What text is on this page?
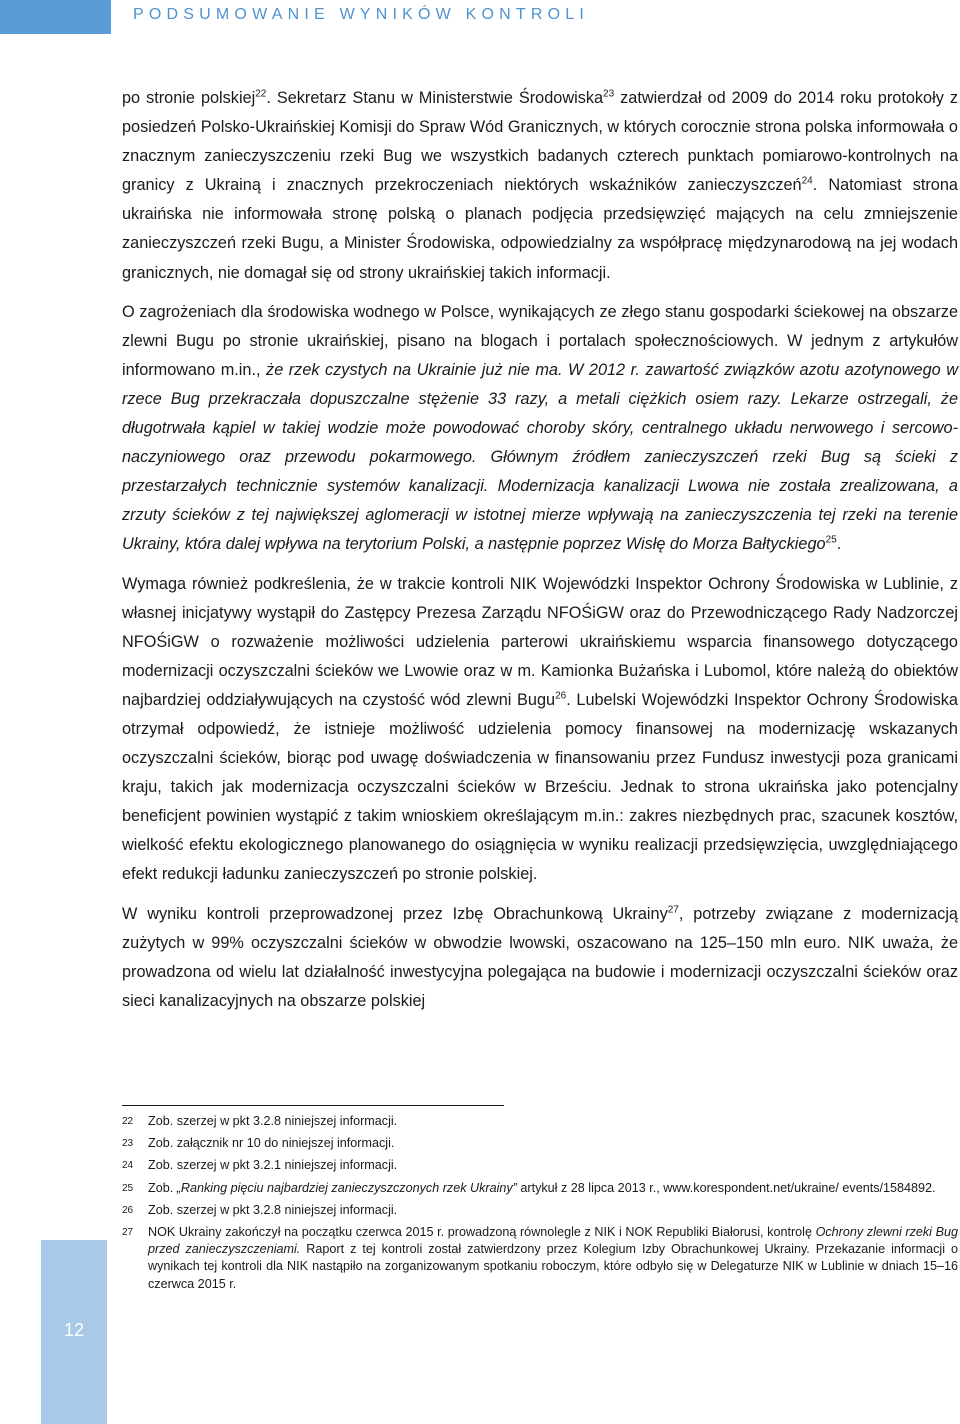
PODSUMOWANIE WYNIKÓW KONTROLI

po stronie polskiej$^{22}$. Sekretarz Stanu w Ministerstwie Środowiska$^{23}$ zatwierdzał od 2009 do 2014 roku protokoły z posiedzeń Polsko-Ukraińskiej Komisji do Spraw Wód Granicznych, w których corocznie strona polska informowała o znacznym zanieczyszczeniu rzeki Bug we wszystkich badanych czterech punktach pomiarowo-kontrolnych na granicy z Ukrainą i znacznych przekroczeniach niektórych wskaźników zanieczyszczeń$^{24}$. Natomiast strona ukraińska nie informowała stronę polską o planach podjęcia przedsięwzięć mających na celu zmniejszenie zanieczyszczeń rzeki Bugu, a Minister Środowiska, odpowiedzialny za współpracę międzynarodową na jej wodach granicznych, nie domagał się od strony ukraińskiej takich informacji.

O zagrożeniach dla środowiska wodnego w Polsce, wynikających ze złego stanu gospodarki ściekowej na obszarze zlewni Bugu po stronie ukraińskiej, pisano na blogach i portalach społecznościowych. W jednym z artykułów informowano m.in., że rzek czystych na Ukrainie już nie ma. W 2012 r. zawartość związków azotu azotynowego w rzece Bug przekraczała dopuszczalne stężenie 33 razy, a metali ciężkich osiem razy. Lekarze ostrzegali, że długotrwała kąpiel w takiej wodzie może powodować choroby skóry, centralnego układu nerwowego i sercowo-naczyniowego oraz przewodu pokarmowego. Głównym źródłem zanieczyszczeń rzeki Bug są ścieki z przestarzałych technicznie systemów kanalizacji. Modernizacja kanalizacji Lwowa nie została zrealizowana, a zrzuty ścieków z tej największej aglomeracji w istotnej mierze wpływają na zanieczyszczenia tej rzeki na terenie Ukrainy, która dalej wpływa na terytorium Polski, a następnie poprzez Wisłę do Morza Bałtyckiego$^{25}$.

Wymaga również podkreślenia, że w trakcie kontroli NIK Wojewódzki Inspektor Ochrony Środowiska w Lublinie, z własnej inicjatywy wystąpił do Zastępcy Prezesa Zarządu NFOŚiGW oraz do Przewodniczącego Rady Nadzorczej NFOŚiGW o rozważenie możliwości udzielenia parterowi ukraińskiemu wsparcia finansowego dotyczącego modernizacji oczyszczalni ścieków we Lwowie oraz w m. Kamionka Bużańska i Lubomol, które należą do obiektów najbardziej oddziaływujących na czystość wód zlewni Bugu$^{26}$. Lubelski Wojewódzki Inspektor Ochrony Środowiska otrzymał odpowiedź, że istnieje możliwość udzielenia pomocy finansowej na modernizację wskazanych oczyszczalni ścieków, biorąc pod uwagę doświadczenia w finansowaniu przez Fundusz inwestycji poza granicami kraju, takich jak modernizacja oczyszczalni ścieków w Brześciu. Jednak to strona ukraińska jako potencjalny beneficjent powinien wystąpić z takim wnioskiem określającym m.in.: zakres niezbędnych prac, szacunek kosztów, wielkość efektu ekologicznego planowanego do osiągnięcia w wyniku realizacji przedsięwzięcia, uwzględniającego efekt redukcji ładunku zanieczyszczeń po stronie polskiej.

W wyniku kontroli przeprowadzonej przez Izbę Obrachunkową Ukrainy$^{27}$, potrzeby związane z modernizacją zużytych w 99% oczyszczalni ścieków w obwodzie lwowski, oszacowano na 125–150 mln euro. NIK uważa, że prowadzona od wielu lat działalność inwestycyjna polegająca na budowie i modernizacji oczyszczalni ścieków oraz sieci kanalizacyjnych na obszarze polskiej

22 Zob. szerzej w pkt 3.2.8 niniejszej informacji.
23 Zob. załącznik nr 10 do niniejszej informacji.
24 Zob. szerzej w pkt 3.2.1 niniejszej informacji.
25 Zob. „Ranking pięciu najbardziej zanieczyszczonych rzek Ukrainy” artykuł z 28 lipca 2013 r., www.korespondent.net/ukraine/ events/1584892.
26 Zob. szerzej w pkt 3.2.8 niniejszej informacji.
27 NOK Ukrainy zakończył na początku czerwca 2015 r. prowadzoną równolegle z NIK i NOK Republiki Białorusi, kontrolę Ochrony zlewni rzeki Bug przed zanieczyszczeniami. Raport z tej kontroli został zatwierdzony przez Kolegium Izby Obrachunkowej Ukrainy. Przekazanie informacji o wynikach tej kontroli dla NIK nastąpiło na zorganizowanym spotkaniu roboczym, które odbyło się w Delegaturze NIK w Lublinie w dniach 15–16 czerwca 2015 r.
12
